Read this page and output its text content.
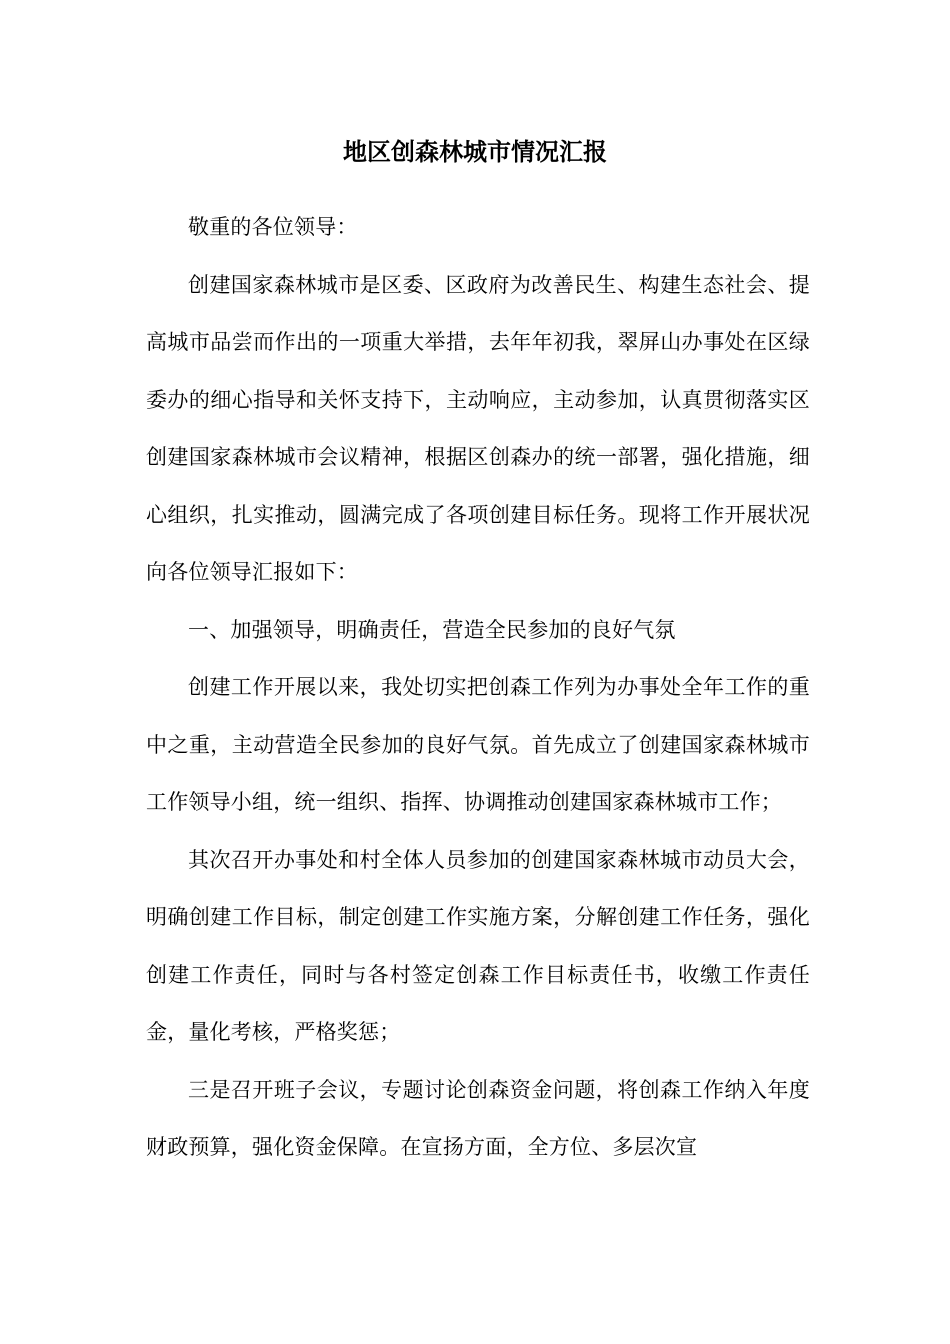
地区创森林城市情况汇报

敬重的各位领导：

创建国家森林城市是区委、区政府为改善民生、构建生态社会、提高城市品尝而作出的一项重大举措，去年年初我，翠屏山办事处在区绿委办的细心指导和关怀支持下，主动响应，主动参加，认真贯彻落实区创建国家森林城市会议精神，根据区创森办的统一部署，强化措施，细心组织，扎实推动，圆满完成了各项创建目标任务。现将工作开展状况向各位领导汇报如下：

一、加强领导，明确责任，营造全民参加的良好气氛

创建工作开展以来，我处切实把创森工作列为办事处全年工作的重中之重，主动营造全民参加的良好气氛。首先成立了创建国家森林城市工作领导小组，统一组织、指挥、协调推动创建国家森林城市工作；

其次召开办事处和村全体人员参加的创建国家森林城市动员大会，明确创建工作目标，制定创建工作实施方案，分解创建工作任务，强化创建工作责任，同时与各村签定创森工作目标责任书，收缴工作责任金，量化考核，严格奖惩；

三是召开班子会议，专题讨论创森资金问题，将创森工作纳入年度财政预算，强化资金保障。在宣扬方面，全方位、多层次宣
